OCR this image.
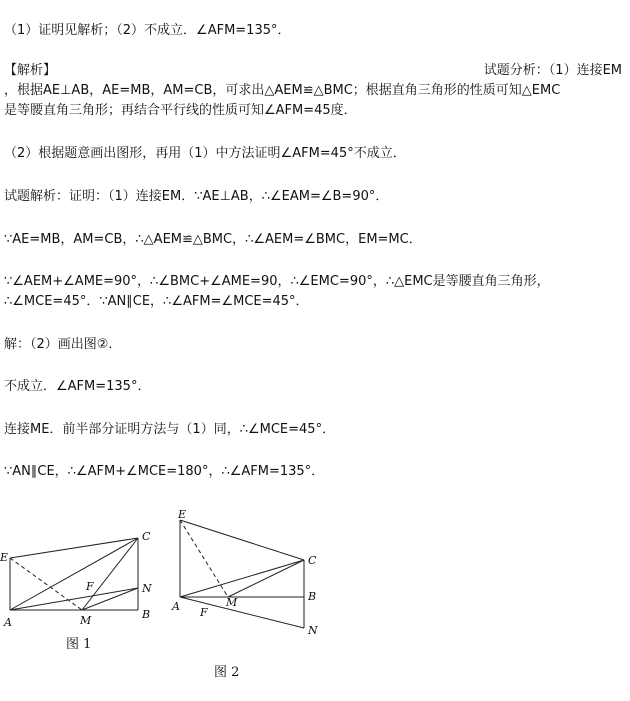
（1）证明见解析；（2）不成立．∠AFM=135°．
【解析】	试题分析：（1）连接EM
，根据AE⊥AB，AE=MB，AM=CB，可求出△AEM≌△BMC；根据直角三角形的性质可知△EMC
是等腰直角三角形；再结合平行线的性质可知∠AFM=45度．
（2）根据题意画出图形，再用（1）中方法证明∠AFM=45°不成立．
试题解析：证明：（1）连接EM．∵AE⊥AB，∴∠EAM=∠B=90°．
∵AE=MB，AM=CB，∴△AEM≌△BMC，∴∠AEM=∠BMC，EM=MC．
∵∠AEM+∠AME=90°，∴∠BMC+∠AME=90，∴∠EMC=90°，∴△EMC是等腰直角三角形，
∴∠MCE=45°．∵AN∥CE，∴∠AFM=∠MCE=45°．
解：（2）画出图②．
不成立．∠AFM=135°．
连接ME．前半部分证明方法与（1）同，∴∠MCE=45°．
∵AN∥CE，∴∠AFM+∠MCE=180°，∴∠AFM=135°．
E
C
F	N
A	M	B
图 1
E
C
B
A F
M
N
图 2
